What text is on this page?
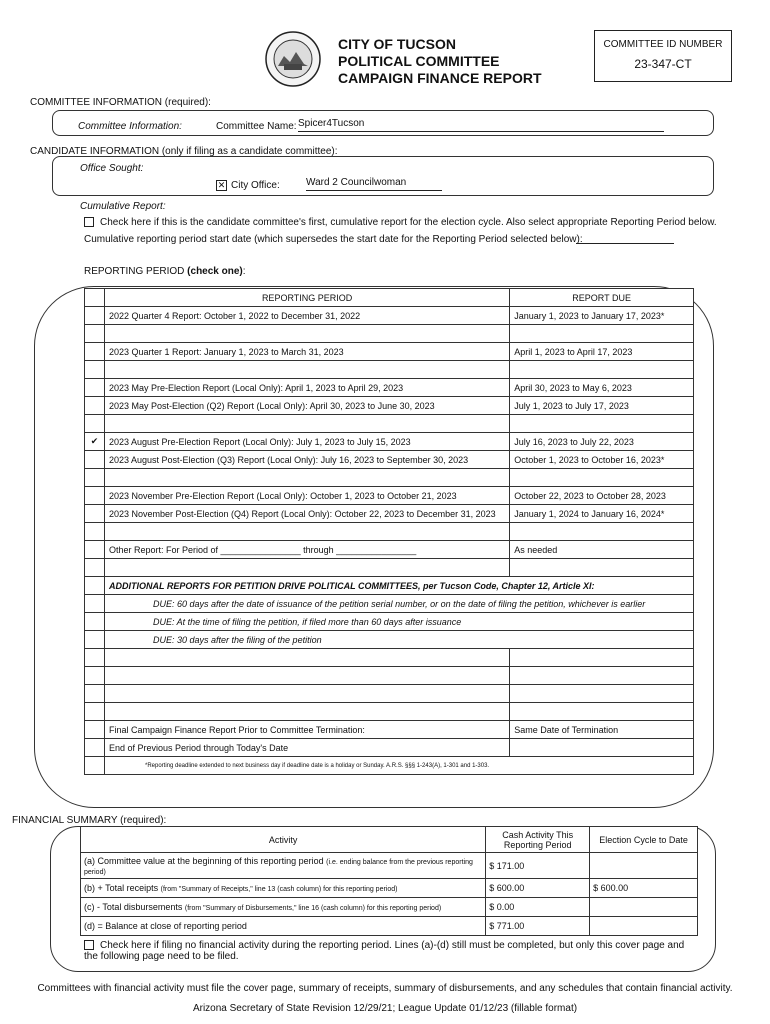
CITY OF TUCSON
POLITICAL COMMITTEE
CAMPAIGN FINANCE REPORT
COMMITTEE ID NUMBER
23-347-CT
COMMITTEE INFORMATION (required):
Committee Information:	Committee Name: Spicer4Tucson
CANDIDATE INFORMATION (only if filing as a candidate committee):
Office Sought:
✕ City Office:	Ward 2 Councilwoman
Cumulative Report:
Check here if this is the candidate committee's first, cumulative report for the election cycle. Also select appropriate Reporting Period below.
Cumulative reporting period start date (which supersedes the start date for the Reporting Period selected below):
REPORTING PERIOD (check one):
	REPORTING PERIOD	REPORT DUE
	2022 Quarter 4 Report: October 1, 2022 to December 31, 2022	January 1, 2023 to January 17, 2023*

	2023 Quarter 1 Report: January 1, 2023 to March 31, 2023	April 1, 2023 to April 17, 2023

	2023 May Pre-Election Report (Local Only): April 1, 2023 to April 29, 2023	April 30, 2023 to May 6, 2023
	2023 May Post-Election (Q2) Report (Local Only): April 30, 2023 to June 30, 2023	July 1, 2023 to July 17, 2023

✔	2023 August Pre-Election Report (Local Only): July 1, 2023 to July 15, 2023	July 16, 2023 to July 22, 2023
	2023 August Post-Election (Q3) Report (Local Only): July 16, 2023 to September 30, 2023	October 1, 2023 to October 16, 2023*

	2023 November Pre-Election Report (Local Only): October 1, 2023 to October 21, 2023	October 22, 2023 to October 28, 2023
	2023 November Post-Election (Q4) Report (Local Only): October 22, 2023 to December 31, 2023	January 1, 2024 to January 16, 2024*

	Other Report: For Period of ________________ through ________________	As needed

	ADDITIONAL REPORTS FOR PETITION DRIVE POLITICAL COMMITTEES, per Tucson Code, Chapter 12, Article XI:	
	DUE: 60 days after the date of issuance of the petition serial number, or on the date of filing the petition, whichever is earlier	
	DUE: At the time of filing the petition, if filed more than 60 days after issuance	
	DUE: 30 days after the filing of the petition	

	Final Campaign Finance Report Prior to Committee Termination:	Same Date of Termination
	End of Previous Period through Today's Date	
	*Reporting deadline extended to next business day if deadline date is a holiday or Sunday. A.R.S. §§§ 1-243(A), 1-301 and 1-303.	
FINANCIAL SUMMARY (required):
Activity	Cash Activity This Reporting Period	Election Cycle to Date
(a) Committee value at the beginning of this reporting period (i.e. ending balance from the previous reporting period)	$ 171.00	
(b) + Total receipts (from "Summary of Receipts," line 13 (cash column) for this reporting period)	$ 600.00	$ 600.00
(c) - Total disbursements (from "Summary of Disbursements," line 16 (cash column) for this reporting period)	$ 0.00	
(d) = Balance at close of reporting period	$ 771.00	
Check here if filing no financial activity during the reporting period. Lines (a)-(d) still must be completed, but only this cover page and the following page need to be filed.
Committees with financial activity must file the cover page, summary of receipts, summary of disbursements, and any schedules that contain financial activity.
Arizona Secretary of State Revision 12/29/21; League Update 01/12/23 (fillable format)
